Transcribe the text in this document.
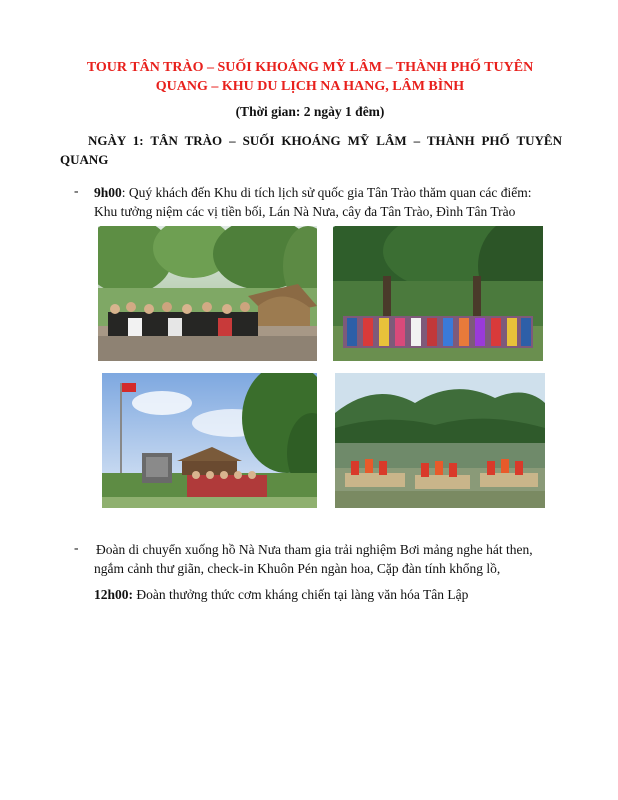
TOUR TÂN TRÀO – SUỐI KHOÁNG MỸ LÂM – THÀNH PHỐ TUYÊN
QUANG – KHU DU LỊCH NA HANG, LÂM BÌNH
(Thời gian: 2 ngày 1 đêm)
NGÀY 1: TÂN TRÀO – SUỐI KHOÁNG MỸ LÂM – THÀNH PHỐ TUYÊN
QUANG
- 9h00: Quý khách đến Khu di tích lịch sử quốc gia Tân Trào thăm quan các điểm:
Khu tưởng niệm các vị tiền bối, Lán Nà Nưa, cây đa Tân Trào, Đình Tân Trào
- Đoàn di chuyển xuống hồ Nà Nưa tham gia trải nghiệm Bơi mảng nghe hát then,
ngắm cảnh thư giãn, check-in Khuôn Pén ngàn hoa, Cặp đàn tính khổng lồ,
12h00: Đoàn thưởng thức cơm kháng chiến tại làng văn hóa Tân Lập
